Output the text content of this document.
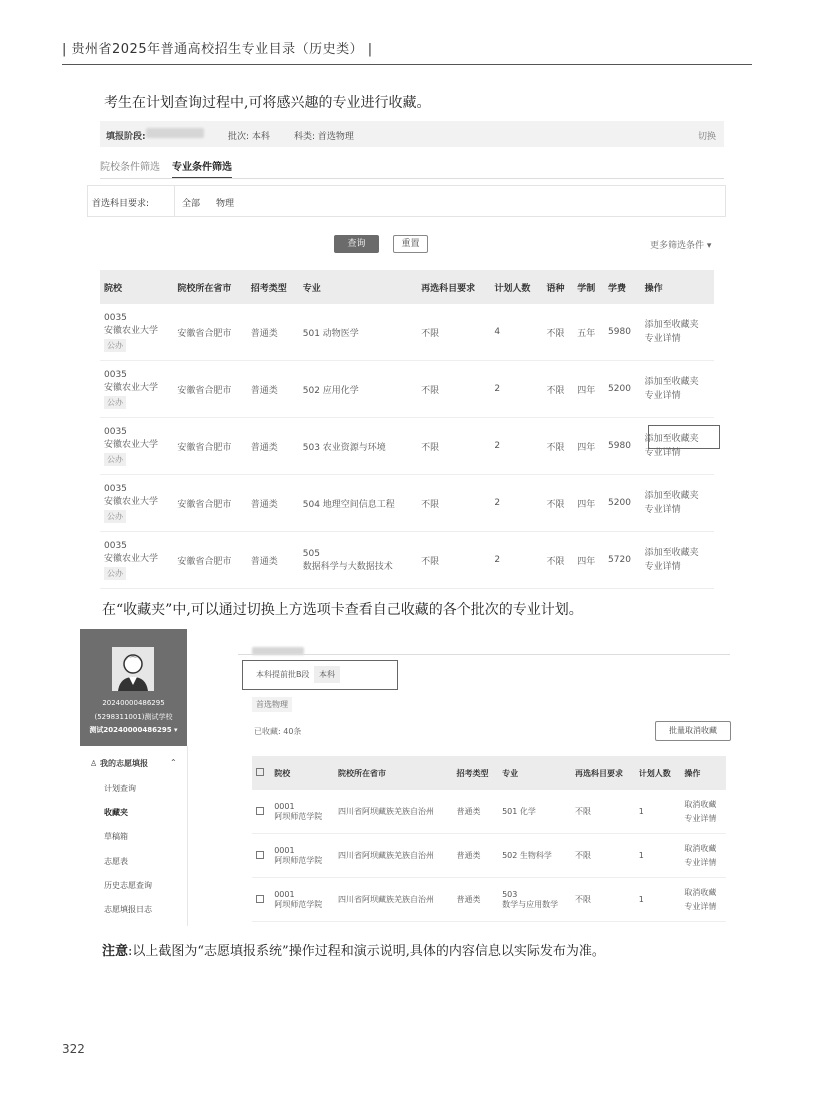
| 贵州省2025年普通高校招生专业目录（历史类） |
考生在计划查询过程中,可将感兴趣的专业进行收藏。
填报阶段:	批次: 本科	科类: 首选物理	切换
院校条件筛选 专业条件筛选
首选科目要求:	全部 物理
查询	重置	更多筛选条件 ▾
院校	院校所在省市	招考类型	专业	再选科目要求	计划人数	语种	学制	学费	操作

0035
安徽农业大学
公办	安徽省合肥市	普通类	501 动物医学	不限	4	不限	五年	5980	添加至收藏夹
专业详情

0035
安徽农业大学
公办	安徽省合肥市	普通类	502 应用化学	不限	2	不限	四年	5200	添加至收藏夹
专业详情

0035
安徽农业大学
公办	安徽省合肥市	普通类	503 农业资源与环境	不限	2	不限	四年	5980	添加至收藏夹
专业详情

0035
安徽农业大学
公办	安徽省合肥市	普通类	504 地理空间信息工程	不限	2	不限	四年	5200	添加至收藏夹
专业详情

0035
安徽农业大学
公办	安徽省合肥市	普通类	505
数据科学与大数据技术	不限	2	不限	四年	5720	添加至收藏夹
专业详情
在“收藏夹”中,可以通过切换上方选项卡查看自己收藏的各个批次的专业计划。
20240000486295
(5298311001)测试学校
测试20240000486295 ▾
♙ 我的志愿填报	⌃
计划查询
收藏夹
草稿箱
志愿表
历史志愿查询
志愿填报日志
本科提前批B段	本科
首选物理
已收藏: 40条	批量取消收藏
	院校	院校所在省市	招考类型	专业	再选科目要求	计划人数	操作

	0001
阿坝师范学院	四川省阿坝藏族羌族自治州	普通类	501 化学	不限	1	取消收藏
专业详情

	0001
阿坝师范学院	四川省阿坝藏族羌族自治州	普通类	502 生物科学	不限	1	取消收藏
专业详情

	0001
阿坝师范学院	四川省阿坝藏族羌族自治州	普通类	503
数学与应用数学	不限	1	取消收藏
专业详情
注意:以上截图为“志愿填报系统”操作过程和演示说明,具体的内容信息以实际发布为准。
322
